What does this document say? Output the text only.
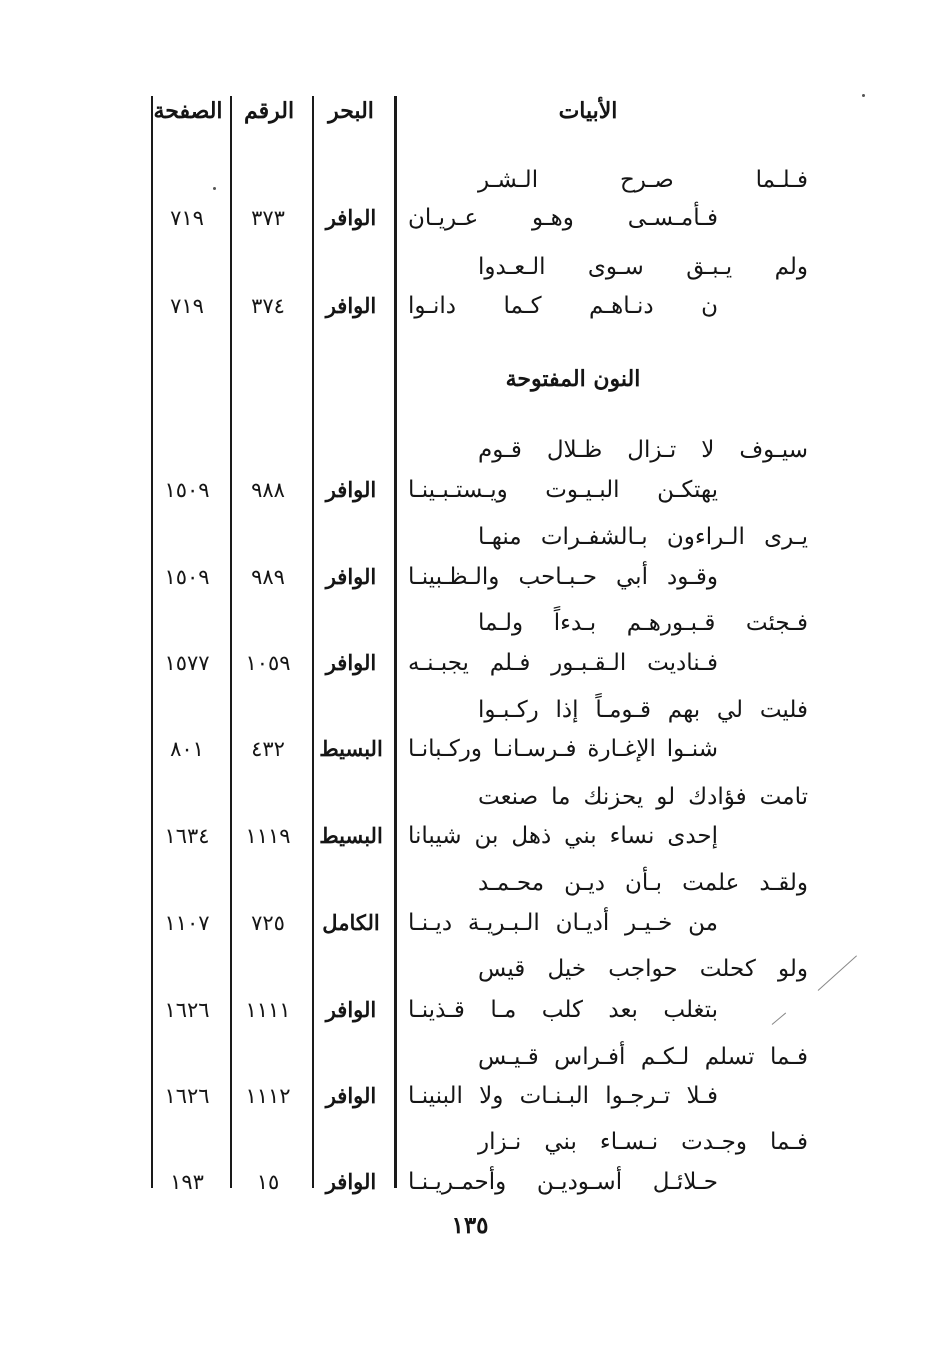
الأبيات
البحر
الرقم
الصفحة
فـلـما صـرح الـشـر
فـأمـسـى وهـو عـريـان
الوافر
٣٧٣
٧١٩
ولم يـبـق سـوى الـعـدوا
ن دنـاهـم كـما دانـوا
الوافر
٣٧٤
٧١٩
النون المفتوحة
سيـوف لا تـزال ظـلال قـوم
يهتكـن البـيـوت ويـستـبـينـا
الوافر
٩٨٨
١٥٠٩
يـرى الـراءون بـالشفـرات منهـا
وقـود أبي حـبـاحب والـظـبينـا
الوافر
٩٨٩
١٥٠٩
فـجئت قـبـورهـم بـدءاً ولـما
فـناديت الـقـبـور فـلم يجبـنـه
الوافر
١٠٥٩
١٥٧٧
فليت لي بهم قـومـاً إذا ركـبـوا
شنـوا الإغـارة فـرسـانـا وركـبانـا
البسيط
٤٣٢
٨٠١
تامت فؤادك لو يحزنك ما صنعت
إحدى نساء بني ذهل بن شيبانا
البسيط
١١١٩
١٦٣٤
ولقـد علمت بـأن ديـن محـمـد
من خـيـر أديـان الـبـريـة ديـنـا
الكامل
٧٢٥
١١٠٧
ولو كحلت حواجب خيل قيس
بتغلب بعد كلب مـا قـذينـا
الوافر
١١١١
١٦٢٦
فـما تسلم لـكـم أفـراس قـيـس
فـلا تـرجـوا البـنـات ولا البنينـا
الوافر
١١١٢
١٦٢٦
فـما وجـدت نـسـاء بني نـزار
حـلائـل أسـوديـن وأحمـريـنـا
الوافر
١٥
١٩٣
١٣٥
